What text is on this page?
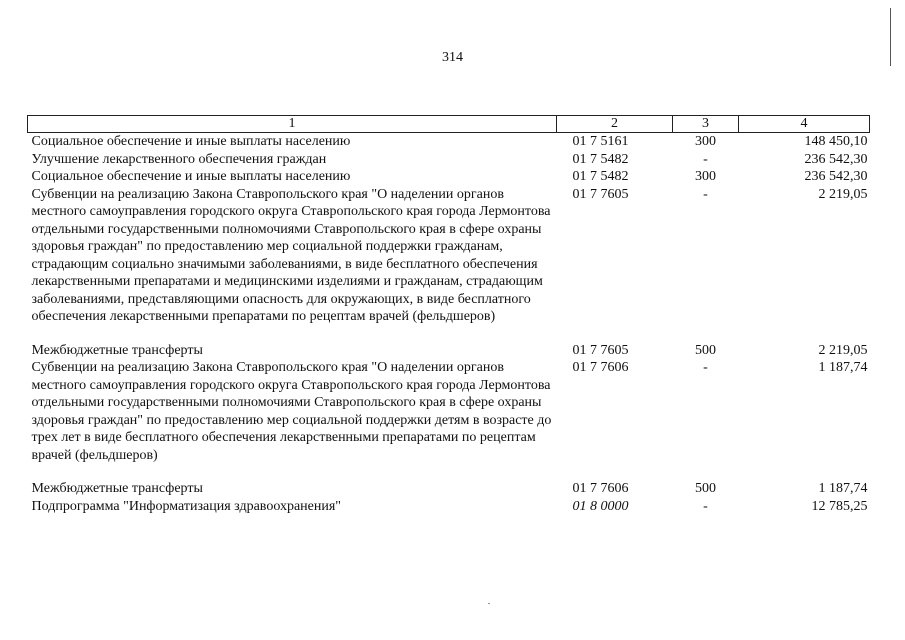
314
1	2	3	4
Социальное обеспечение и иные выплаты населению	01 7 5161	300	148 450,10
Улучшение лекарственного обеспечения граждан	01 7 5482	-	236 542,30
Социальное обеспечение и иные выплаты населению	01 7 5482	300	236 542,30
Субвенции на реализацию Закона Ставропольского края "О наделении органов местного самоуправления городского округа Ставропольского края города Лермонтова отдельными государственными полномочиями Ставропольского края в сфере охраны здоровья граждан" по предоставлению мер социальной поддержки гражданам, страдающим социально значимыми заболеваниями, в виде бесплатного обеспечения лекарственными препаратами и медицинскими изделиями и гражданам, страдающим заболеваниями, представляющими опасность для окружающих, в виде бесплатного обеспечения лекарственными препаратами по рецептам врачей (фельдшеров)	01 7 7605	-	2 219,05

Межбюджетные трансферты	01 7 7605	500	2 219,05
Субвенции на реализацию Закона Ставропольского края "О наделении органов местного самоуправления городского округа Ставропольского края города Лермонтова отдельными государственными полномочиями Ставропольского края в сфере охраны здоровья граждан" по предоставлению мер социальной поддержки детям в возрасте до трех лет в виде бесплатного обеспечения лекарственными препаратами по рецептам врачей (фельдшеров)	01 7 7606	-	1 187,74

Межбюджетные трансферты	01 7 7606	500	1 187,74
Подпрограмма "Информатизация здравоохранения"	01 8 0000	-	12 785,25
